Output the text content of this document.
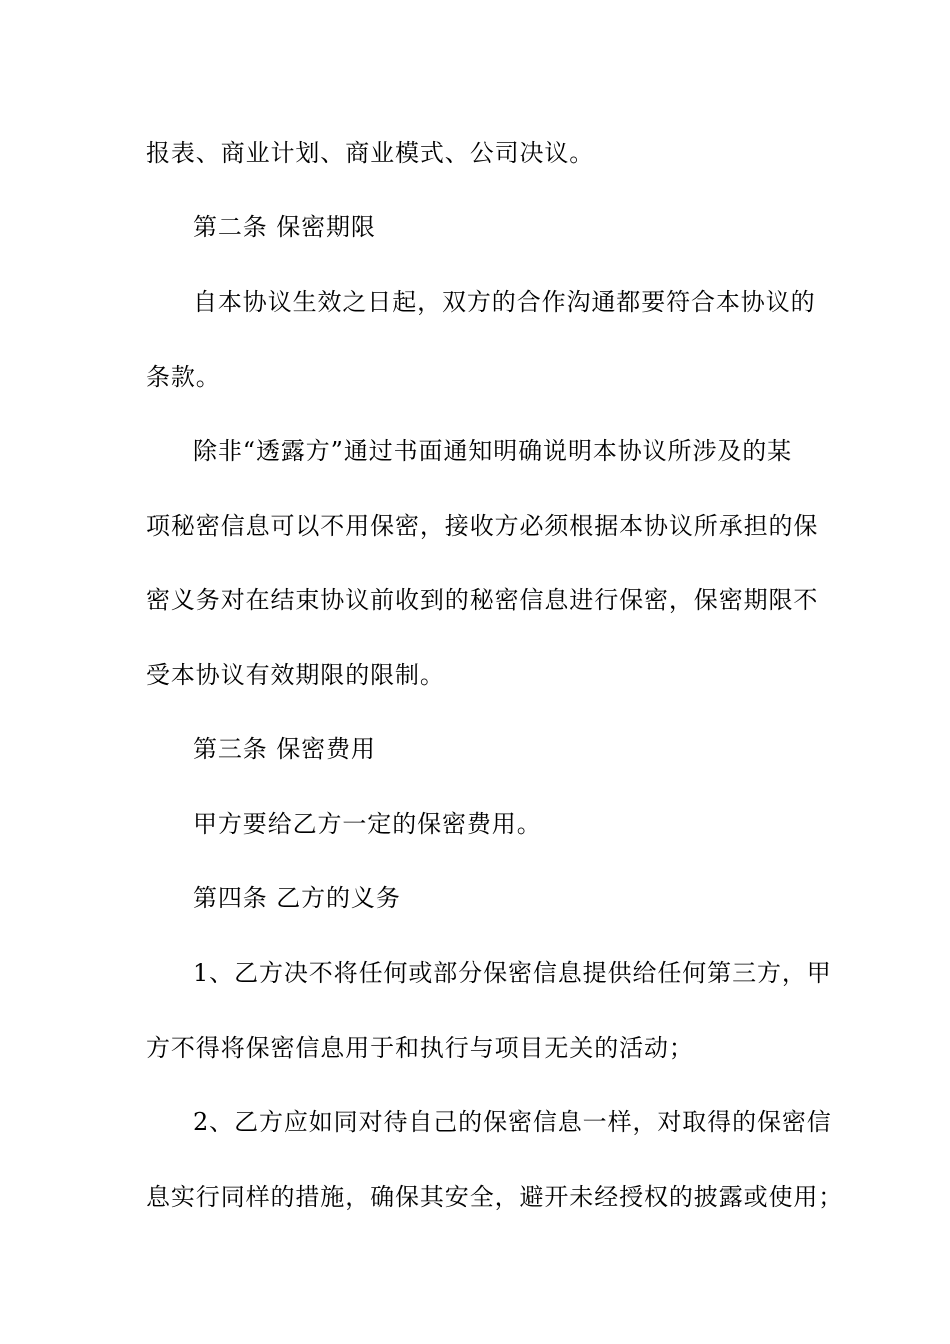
报表、商业计划、商业模式、公司决议。
第二条 保密期限
自本协议生效之日起，双方的合作沟通都要符合本协议的
条款。
除非“透露方”通过书面通知明确说明本协议所涉及的某
项秘密信息可以不用保密，接收方必须根据本协议所承担的保
密义务对在结束协议前收到的秘密信息进行保密，保密期限不
受本协议有效期限的限制。
第三条 保密费用
甲方要给乙方一定的保密费用。
第四条 乙方的义务
1、乙方决不将任何或部分保密信息提供给任何第三方，甲
方不得将保密信息用于和执行与项目无关的活动；
2、乙方应如同对待自己的保密信息一样，对取得的保密信
息实行同样的措施，确保其安全，避开未经授权的披露或使用；
